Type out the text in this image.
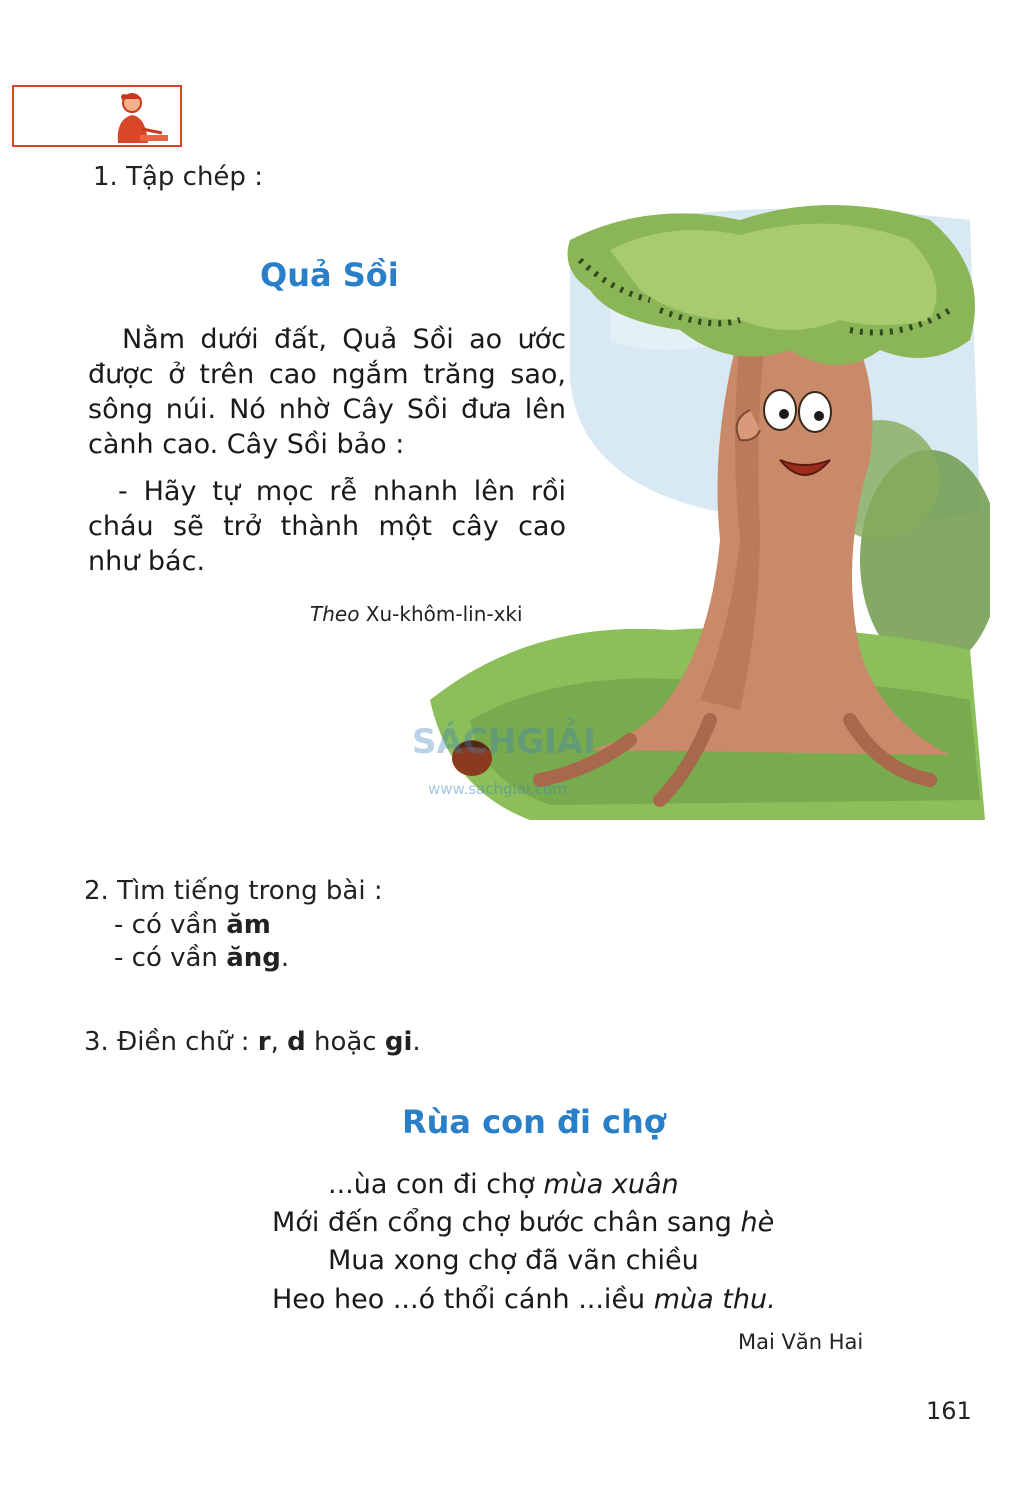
1. Tập chép :
Quả Sồi
Nằm dưới đất, Quả Sồi ao ước
được ở trên cao ngắm trăng sao,
sông núi. Nó nhờ Cây Sồi đưa lên
cành cao. Cây Sồi bảo :
- Hãy tự mọc rễ nhanh lên rồi
cháu sẽ trở thành một cây cao
như bác.
Theo Xu-khôm-lin-xki
SÁCHGIẢI
www.sachgiai.com
2. Tìm tiếng trong bài :
- có vần ăm
- có vần ăng.
3. Điền chữ : r, d hoặc gi.
Rùa con đi chợ
...ùa con đi chợ mùa xuân
Mới đến cổng chợ bước chân sang hè
Mua xong chợ đã vãn chiều
Heo heo ...ó thổi cánh ...iều mùa thu.
Mai Văn Hai
161
